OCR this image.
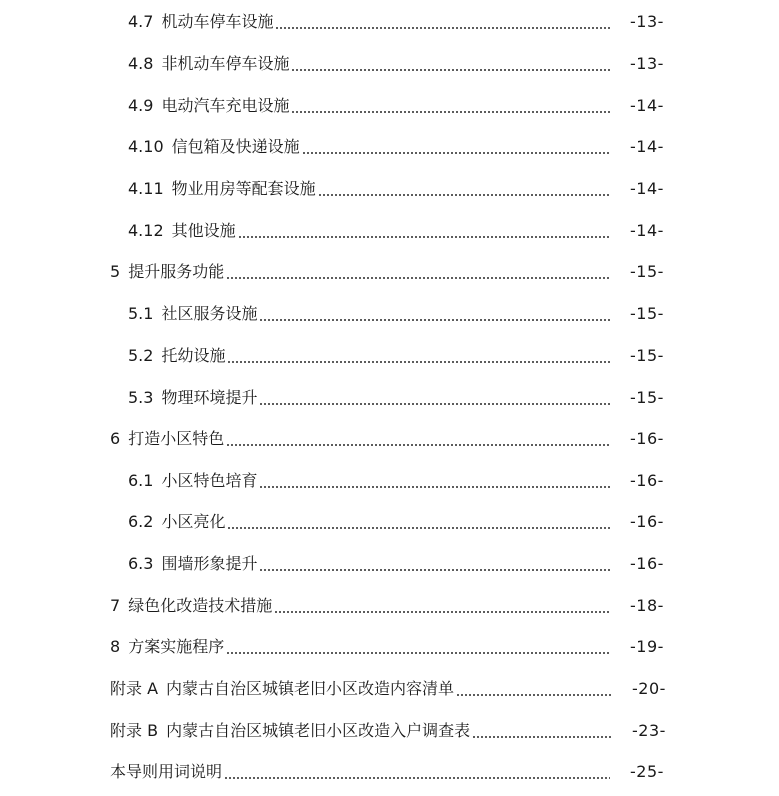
4.7 机动车停车设施	-13-
4.8 非机动车停车设施	-13-
4.9 电动汽车充电设施	-14-
4.10 信包箱及快递设施	-14-
4.11 物业用房等配套设施	-14-
4.12 其他设施	-14-
5 提升服务功能	-15-
5.1 社区服务设施	-15-
5.2 托幼设施	-15-
5.3 物理环境提升	-15-
6 打造小区特色	-16-
6.1 小区特色培育	-16-
6.2 小区亮化	-16-
6.3 围墙形象提升	-16-
7 绿色化改造技术措施	-18-
8 方案实施程序	-19-
附录 A 内蒙古自治区城镇老旧小区改造内容清单	-20-
附录 B 内蒙古自治区城镇老旧小区改造入户调查表	-23-
本导则用词说明	-25-
